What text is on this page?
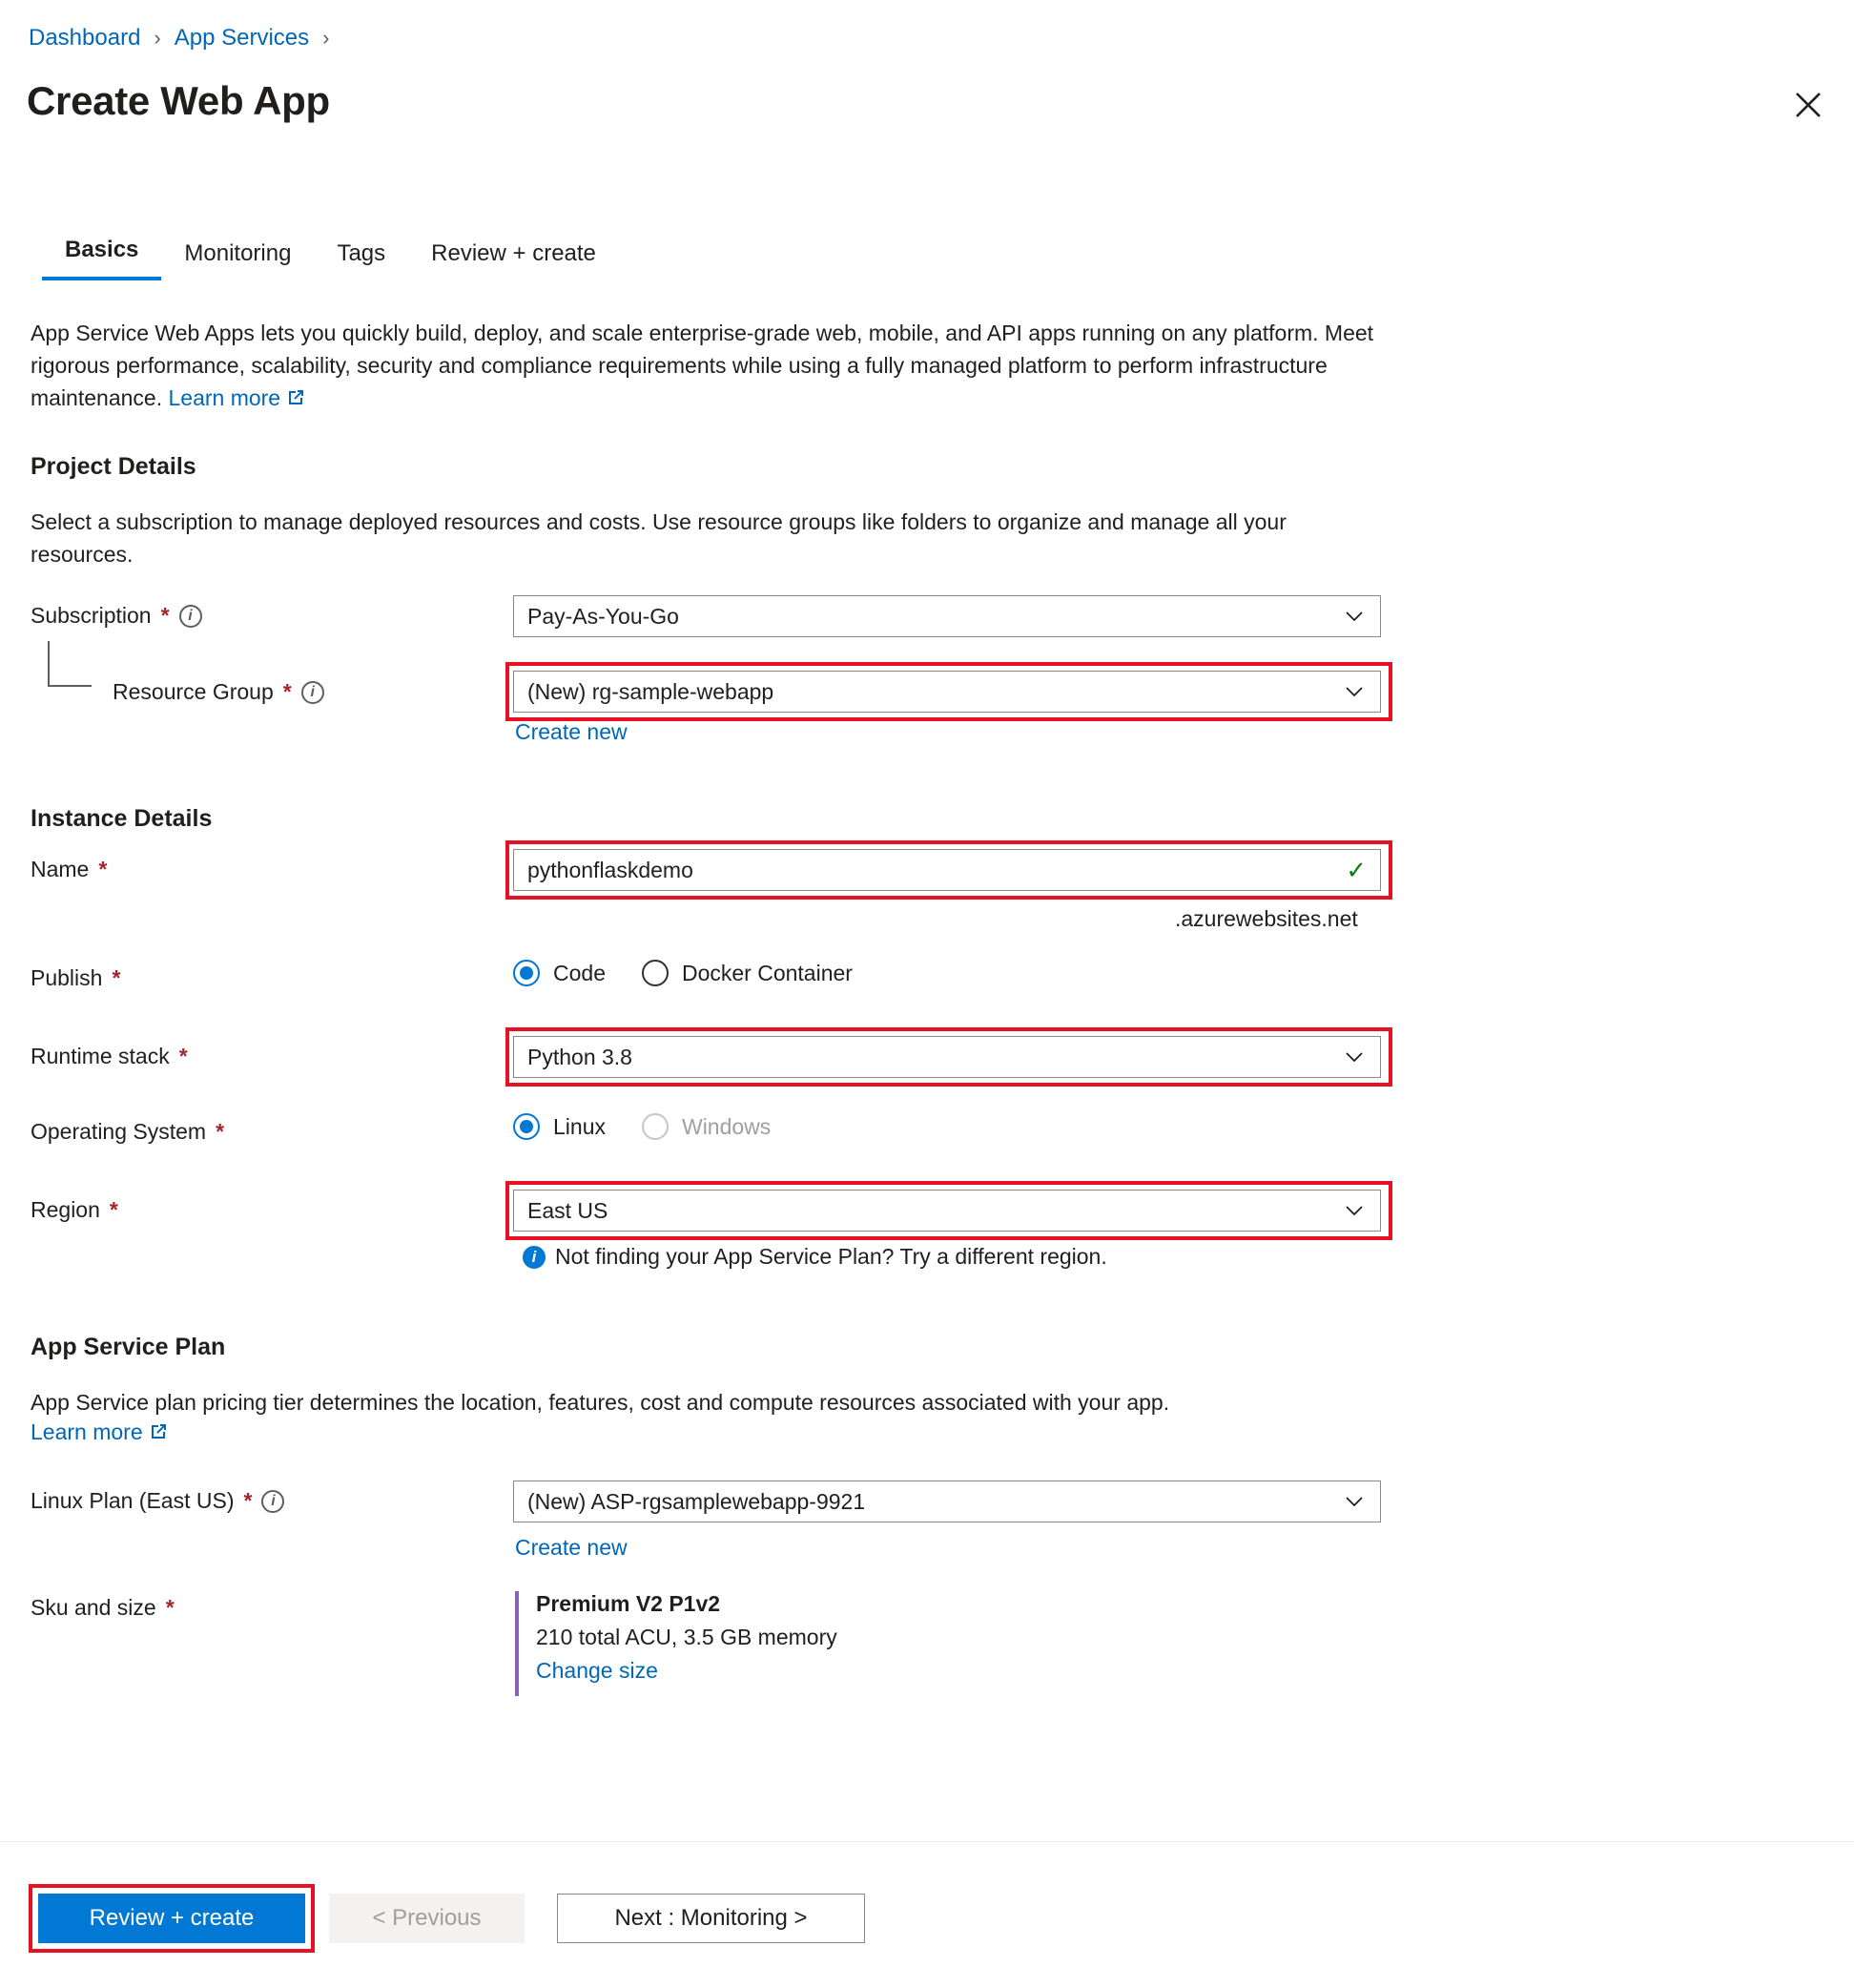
Dashboard › App Services ›
Create Web App
Basics	Monitoring	Tags	Review + create
App Service Web Apps lets you quickly build, deploy, and scale enterprise-grade web, mobile, and API apps running on any platform. Meet rigorous performance, scalability, security and compliance requirements while using a fully managed platform to perform infrastructure maintenance. Learn more
Project Details
Select a subscription to manage deployed resources and costs. Use resource groups like folders to organize and manage all your resources.
Subscription *	i	Pay-As-You-Go
Resource Group *	i	(New) rg-sample-webapp
Create new
Instance Details
Name *	pythonflaskdemo	✓
.azurewebsites.net
Publish *	Code	Docker Container
Runtime stack *	Python 3.8
Operating System *	Linux	Windows
Region *	East US
i Not finding your App Service Plan? Try a different region.
App Service Plan
App Service plan pricing tier determines the location, features, cost and compute resources associated with your app.
Learn more
Linux Plan (East US) *	i	(New) ASP-rgsamplewebapp-9921
Create new
Sku and size *	Premium V2 P1v2
210 total ACU, 3.5 GB memory
Change size
Review + create	< Previous	Next : Monitoring >
